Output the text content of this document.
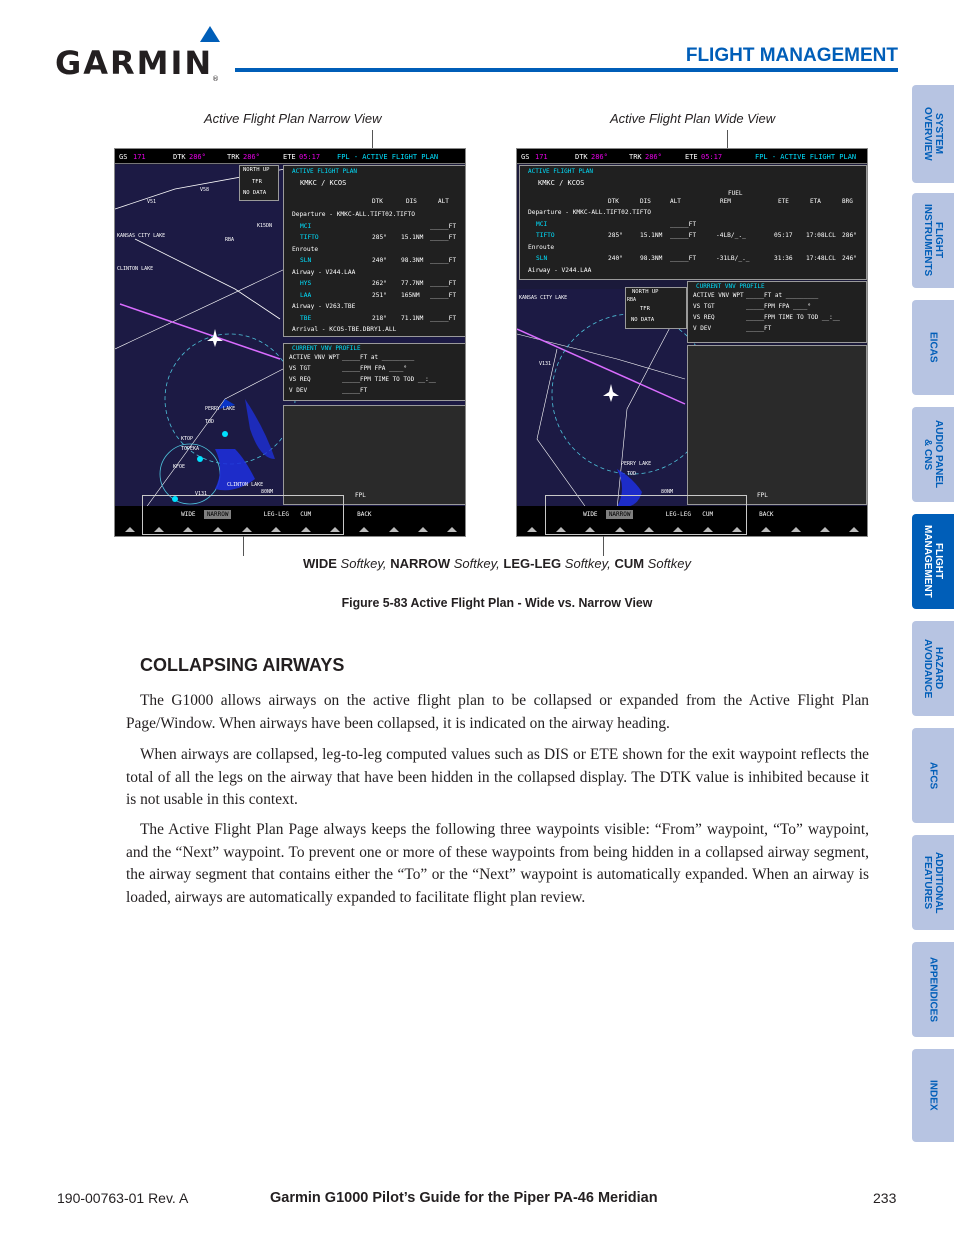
GARMIN
®
FLIGHT MANAGEMENT
SYSTEM
OVERVIEW
FLIGHT
INSTRUMENTS
EICAS
AUDIO PANEL
& CNS
FLIGHT
MANAGEMENT
HAZARD
AVOIDANCE
AFCS
ADDITIONAL
FEATURES
APPENDICES
INDEX
Active Flight Plan Narrow View	Active Flight Plan Wide View
GS 171	DTK 286°	TRK 286°	ETE 05:17 FPL - ACTIVE FLIGHT PLAN
NORTH UP
TFR
NO DATA
V58
V51
KANSAS CITY LAKE
CLINTON LAKE
RBA
K15DN
TOD
KTOP
TOPEKA
PERRY LAKE
KFOE
CLINTON LAKE
V131	80NM
ACTIVE FLIGHT PLAN
KMKC / KCOS
DTK	DIS	ALT
Departure - KMKC-ALL.TIFT02.TIFTO
MCI	_____FT
TIFTO	285° 15.1NM _____FT
Enroute
SLN	240° 98.3NM _____FT
Airway - V244.LAA
HYS	262° 77.7NM _____FT
LAA	251° 165NM _____FT
Airway - V263.TBE
TBE	218° 71.1NM _____FT
Arrival - KCOS-TBE.DBRY1.ALL
CURRENT VNV PROFILE
ACTIVE VNV WPT _____FT at _________
VS TGT	_____FPM FPA ____°
VS REQ	_____FPM TIME TO TOD __:__
V DEV	_____FT
FPL
WIDE	NARROW	LEG-LEG	CUM	BACK
GS 171	DTK 286°	TRK 286°	ETE 05:17	FPL - ACTIVE FLIGHT PLAN
ACTIVE FLIGHT PLAN
KMKC / KCOS
FUEL
DTK	DIS	ALT	REM	ETE	ETA	BRG
Departure - KMKC-ALL.TIFT02.TIFTO
MCI	_____FT
TIFTO	285°	15.1NM _____FT	-4LB/_._	05:17 17:08LCL 286°
Enroute
SLN	240°	98.3NM _____FT	-31LB/_._	31:36 17:48LCL 246°
Airway - V244.LAA
NORTH UP
TFR
NO DATA
RBA
KANSAS CITY LAKE
V131
PERRY LAKE
TOD
80NM
CURRENT VNV PROFILE
ACTIVE VNV WPT _____FT at _________
VS TGT	_____FPM FPA ____°
VS REQ	_____FPM TIME TO TOD __:__
V DEV	_____FT
FPL
WIDE	NARROW	LEG-LEG	CUM	BACK
WIDE Softkey, NARROW Softkey, LEG-LEG Softkey, CUM Softkey
Figure 5-83 Active Flight Plan - Wide vs. Narrow View
COLLAPSING AIRWAYS

The G1000 allows airways on the active flight plan to be collapsed or expanded from the Active Flight Plan Page/Window. When airways have been collapsed, it is indicated on the airway heading.

When airways are collapsed, leg-to-leg computed values such as DIS or ETE shown for the exit waypoint reflects the total of all the legs on the airway that have been hidden in the collapsed display. The DTK value is inhibited because it is not usable in this context.

The Active Flight Plan Page always keeps the following three waypoints visible: “From” waypoint, “To” waypoint, and the “Next” waypoint. To prevent one or more of these waypoints from being hidden in a collapsed airway segment, the airway segment that contains either the “To” or the “Next” waypoint is automatically expanded. When an airway is loaded, airways are automatically expanded to facilitate flight plan review.

190-00763-01 Rev. A	Garmin G1000 Pilot’s Guide for the Piper PA-46 Meridian	233
